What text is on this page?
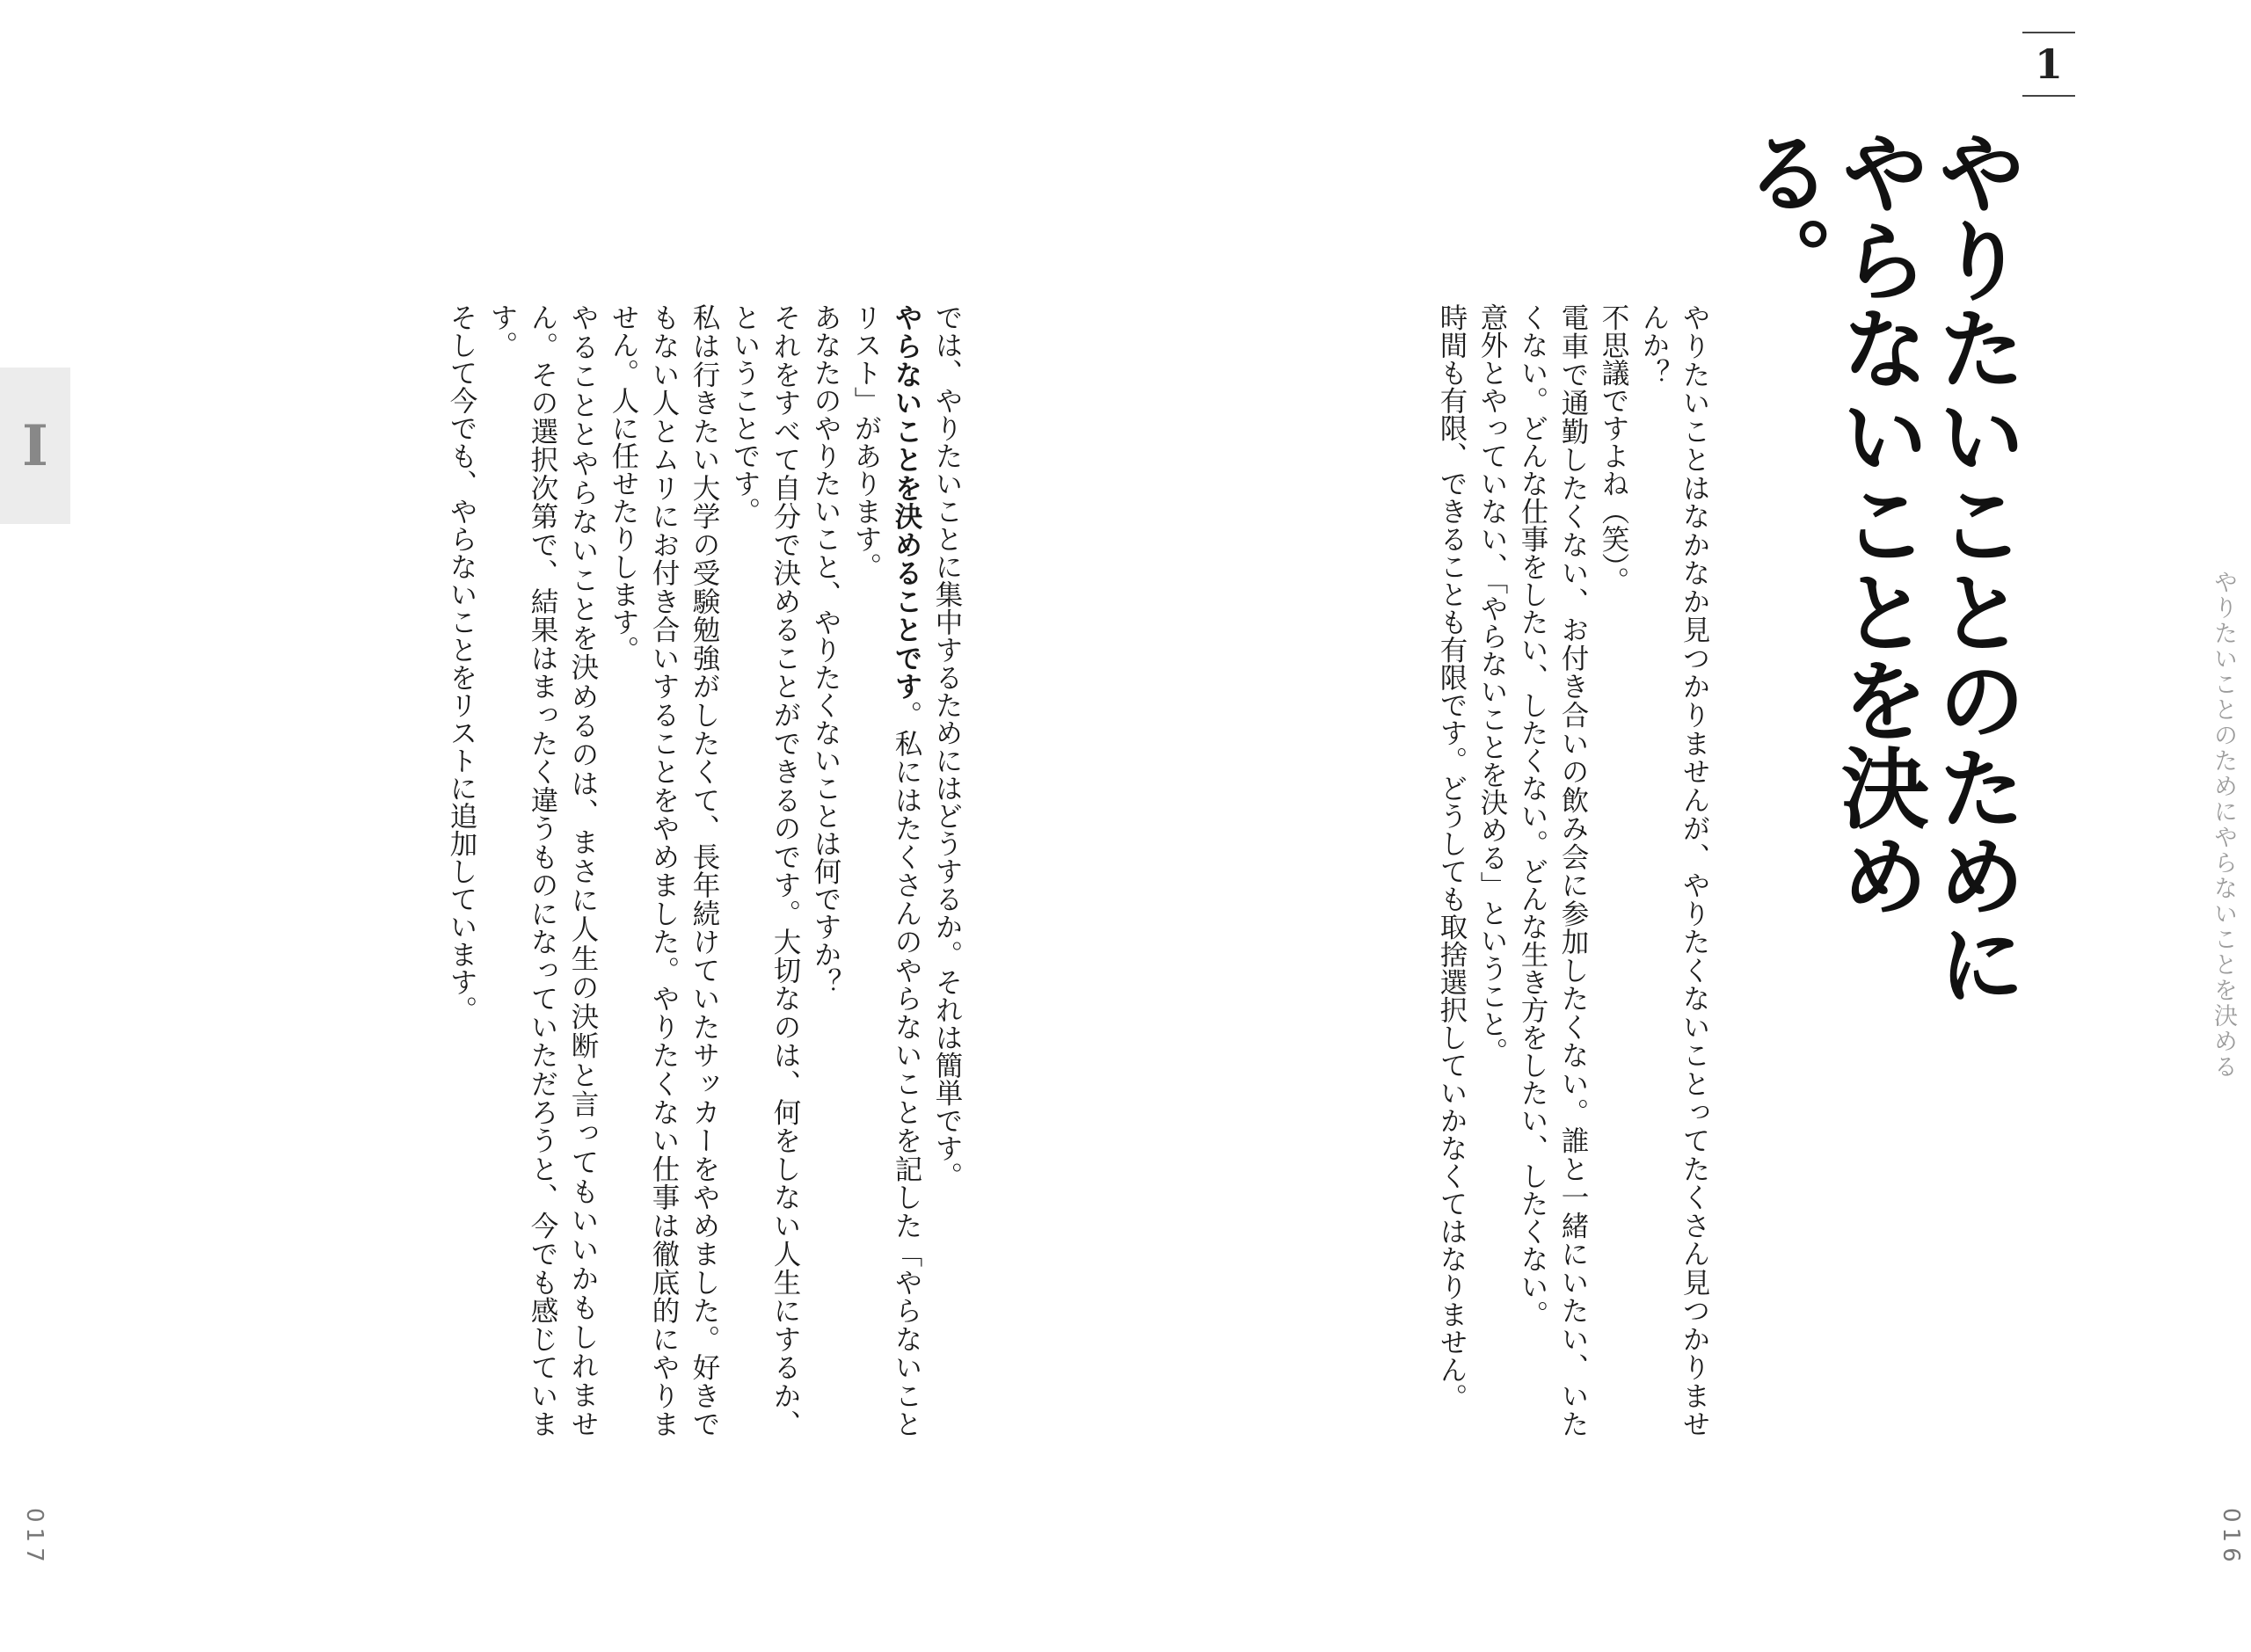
1
やりたいことのために
やらないことを決める。

やりたいことはなかなか見つかりませんが、やりたくないことってたくさん見つかりませんか？

不思議ですよね（笑）。

電車で通勤したくない、お付き合いの飲み会に参加したくない。誰と一緒にいたい、いたくない。どんな仕事をしたい、したくない。どんな生き方をしたい、したくない。

意外とやっていない、「やらないことを決める」ということ。

時間も有限、できることも有限です。どうしても取捨選択していかなくてはなりません。	やりたいことのためにやらないことを決める
016
I	では、やりたいことに集中するためにはどうするか。それは簡単です。

やらないことを決めることです。私にはたくさんのやらないことを記した「やらないことリスト」があります。

あなたのやりたいこと、やりたくないことは何ですか？

それをすべて自分で決めることができるのです。大切なのは、何をしない人生にするか、ということです。

私は行きたい大学の受験勉強がしたくて、長年続けていたサッカーをやめました。好きでもない人とムリにお付き合いすることをやめました。やりたくない仕事は徹底的にやりません。人に任せたりします。

やることとやらないことを決めるのは、まさに人生の決断と言ってもいいかもしれません。その選択次第で、結果はまったく違うものになっていただろうと、今でも感じています。

そして今でも、やらないことをリストに追加しています。

017
